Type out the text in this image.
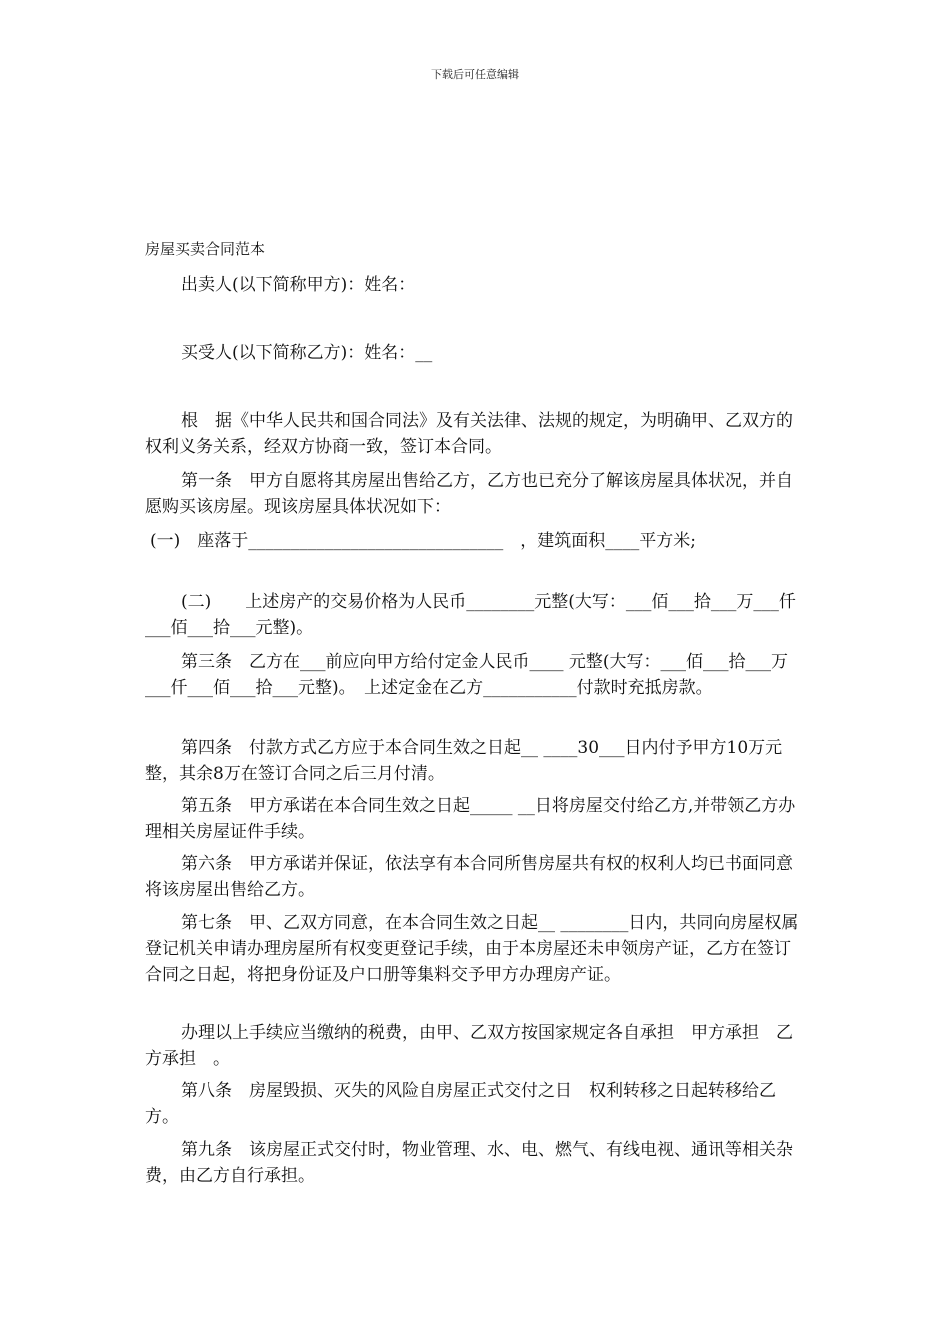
下载后可任意编辑
房屋买卖合同范本

出卖人(以下简称甲方)：姓名：

买受人(以下简称乙方)：姓名：__

根　据《中华人民共和国合同法》及有关法律、法规的规定，为明确甲、乙双方的权利义务关系，经双方协商一致，签订本合同。

第一条　甲方自愿将其房屋出售给乙方，乙方也已充分了解该房屋具体状况，并自愿购买该房屋。现该房屋具体状况如下：

(一)　座落于______________________________　，建筑面积____平方米;

(二)　　上述房产的交易价格为人民币________元整(大写：___佰___拾___万___仟___佰___拾___元整)。

第三条　乙方在___前应向甲方给付定金人民币____ 元整(大写：___佰___拾___万___仟___佰___拾___元整)。　上述定金在乙方___________付款时充抵房款。

第四条　付款方式乙方应于本合同生效之日起__ ____30___日内付予甲方10万元整，其余8万在签订合同之后三月付清。

第五条　甲方承诺在本合同生效之日起_____ __日将房屋交付给乙方,并带领乙方办理相关房屋证件手续。

第六条　甲方承诺并保证，依法享有本合同所售房屋共有权的权利人均已书面同意将该房屋出售给乙方。

第七条　甲、乙双方同意，在本合同生效之日起__ ________日内，共同向房屋权属登记机关申请办理房屋所有权变更登记手续，由于本房屋还未申领房产证，乙方在签订合同之日起，将把身份证及户口册等集料交予甲方办理房产证。

办理以上手续应当缴纳的税费，由甲、乙双方按国家规定各自承担　甲方承担　乙方承担　。

第八条　房屋毁损、灭失的风险自房屋正式交付之日　权利转移之日起转移给乙方。

第九条　该房屋正式交付时，物业管理、水、电、燃气、有线电视、通讯等相关杂费，由乙方自行承担。
